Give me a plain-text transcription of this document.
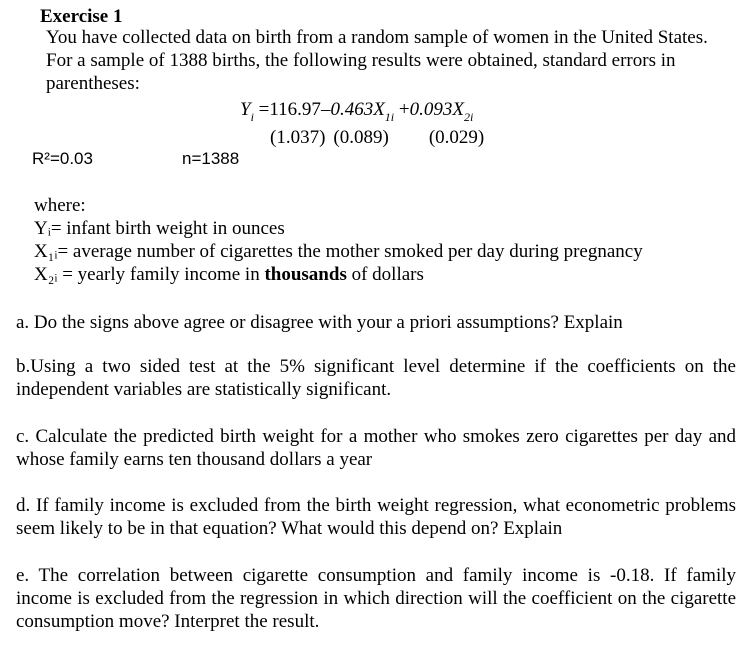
Exercise 1
You have collected data on birth from a random sample of women in the United States. For a sample of 1388 births, the following results were obtained, standard errors in parentheses:
$Y_i =116.97-0.463X_{1i} +0.093X_{2i}$
(1.037) (0.089) (0.029)
R²=0.03	n=1388
where:
Yᵢ= infant birth weight in ounces
X₁ᵢ= average number of cigarettes the mother smoked per day during pregnancy
X₂ᵢ = yearly family income in thousands of dollars
a. Do the signs above agree or disagree with your a priori assumptions? Explain
b.Using a two sided test at the 5% significant level determine if the coefficients on the independent variables are statistically significant.
c. Calculate the predicted birth weight for a mother who smokes zero cigarettes per day and whose family earns ten thousand dollars a year
d. If family income is excluded from the birth weight regression, what econometric problems seem likely to be in that equation? What would this depend on? Explain
e. The correlation between cigarette consumption and family income is -0.18. If family income is excluded from the regression in which direction will the coefficient on the cigarette consumption move? Interpret the result.
